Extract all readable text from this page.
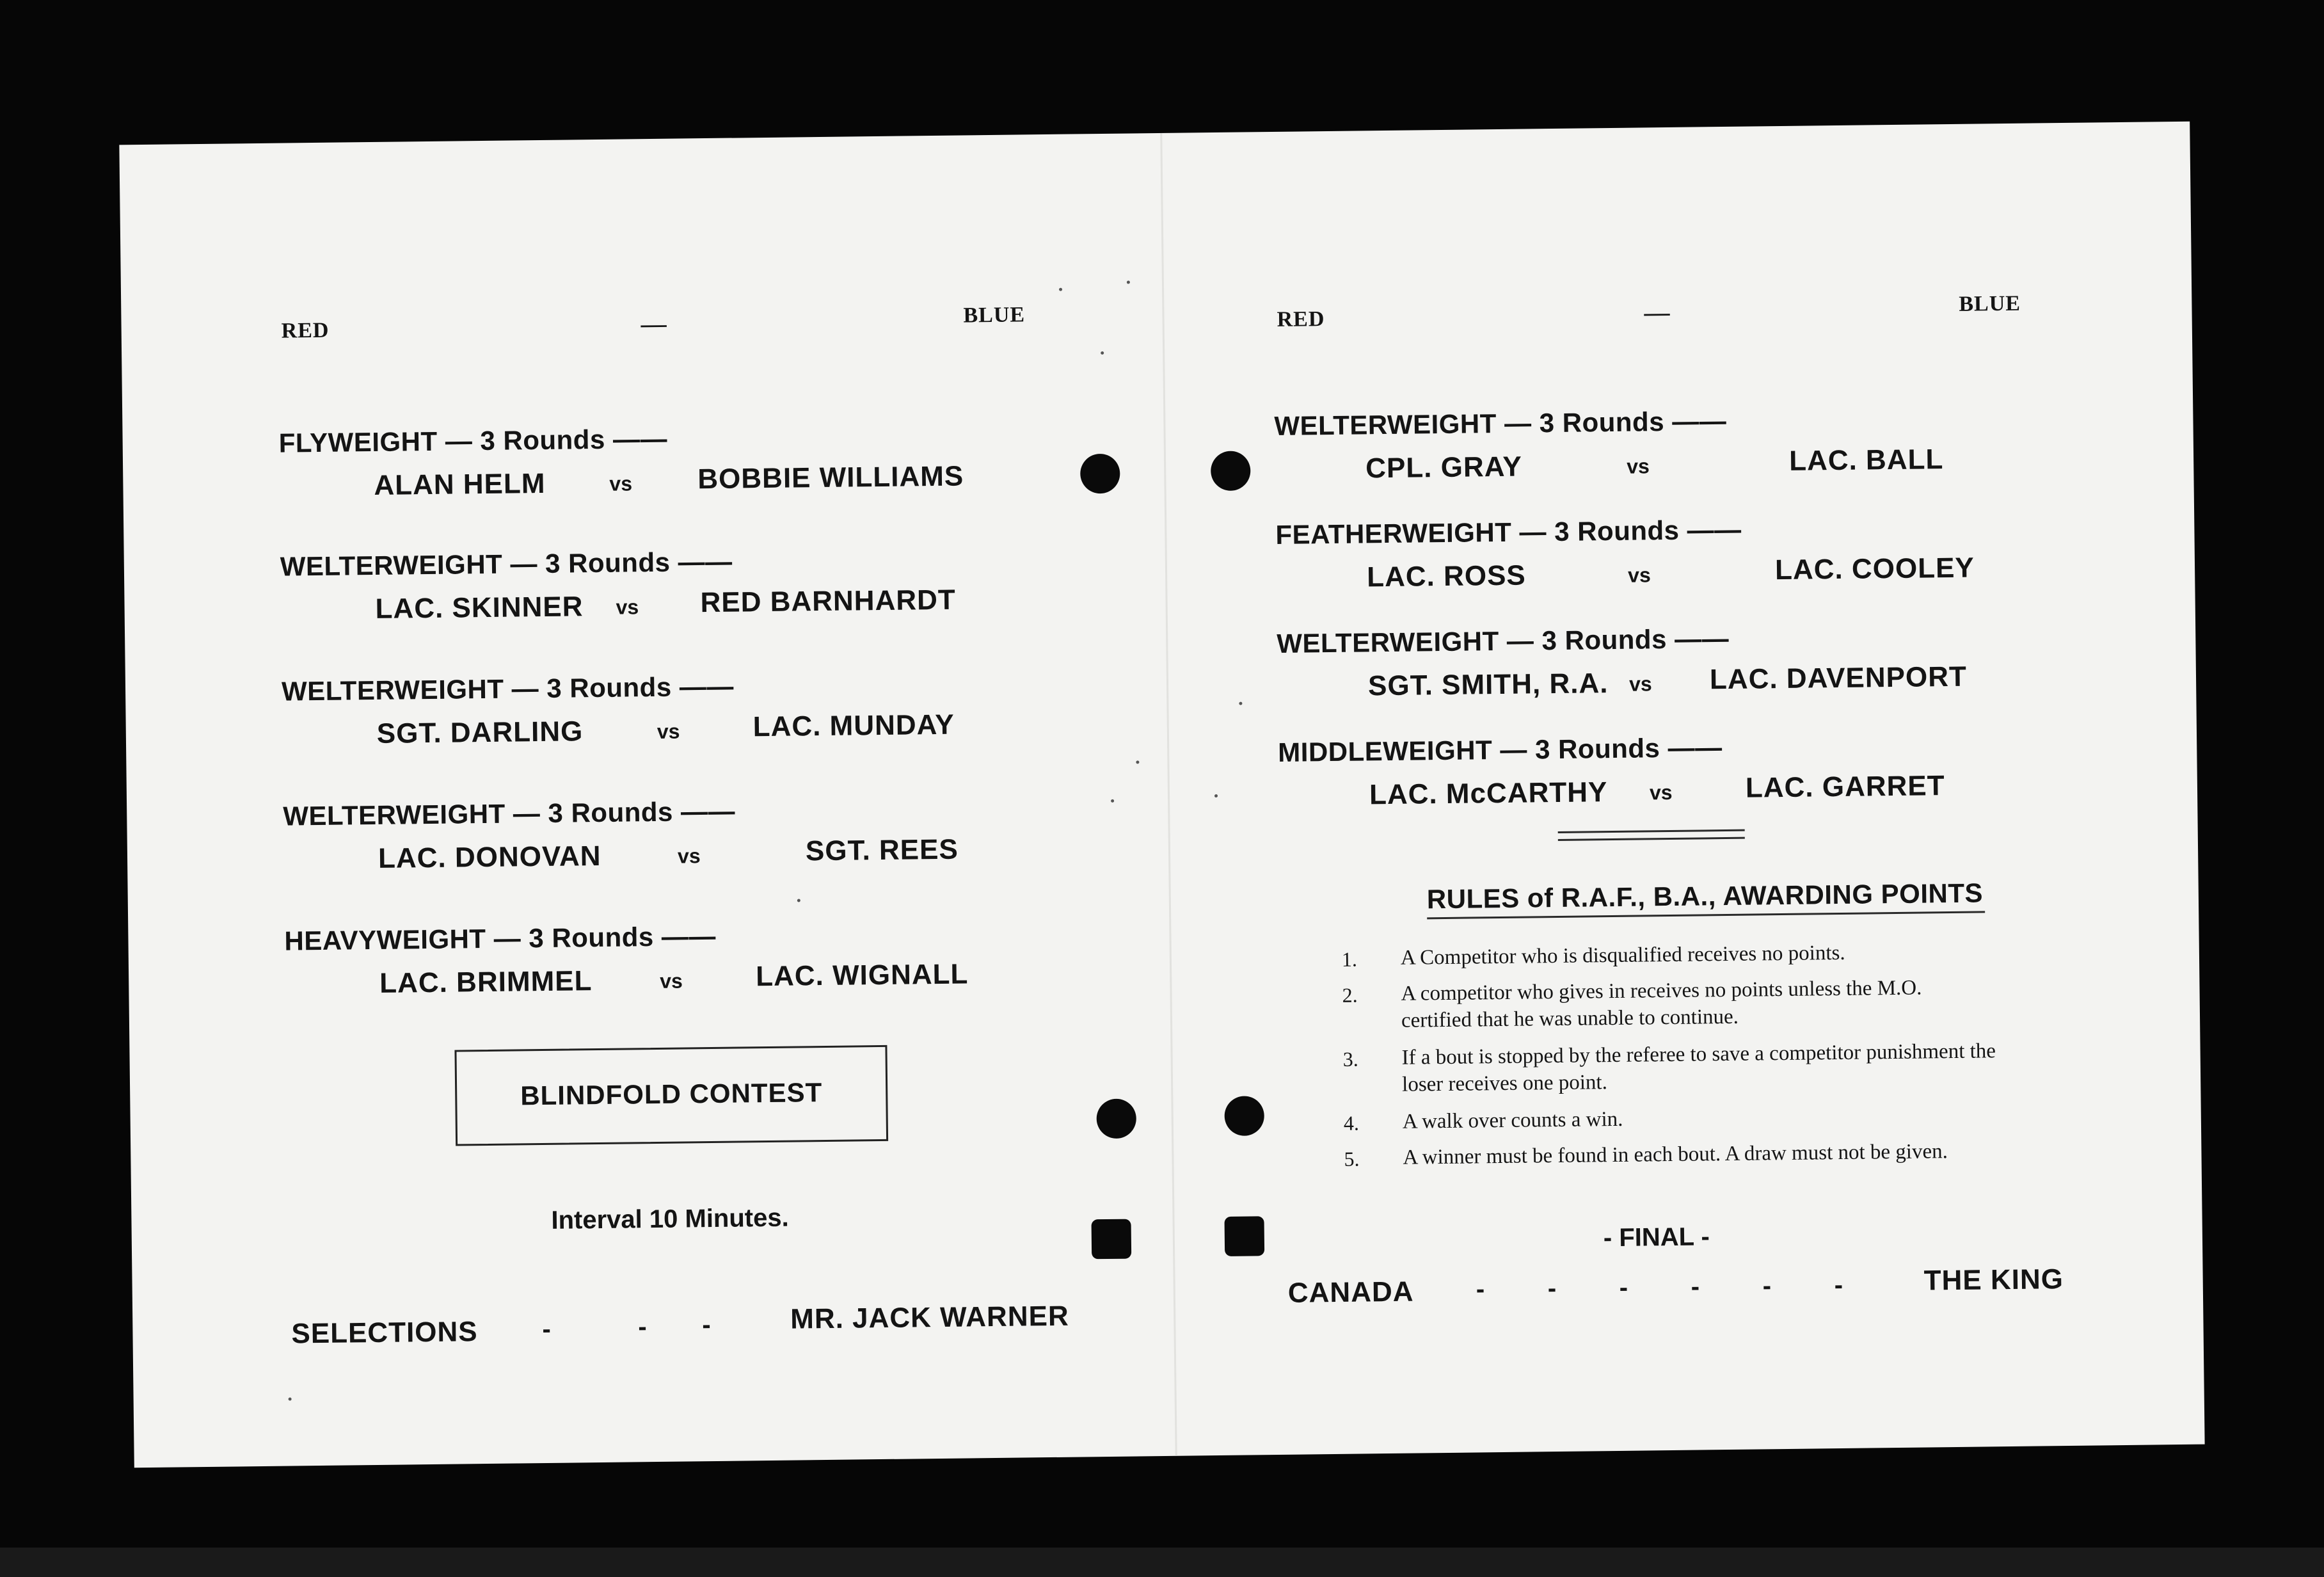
RED	—	BLUE
FLYWEIGHT — 3 Rounds ——
ALAN HELM	vs BOBBIE WILLIAMS
WELTERWEIGHT — 3 Rounds ——
LAC. SKINNER vs RED BARNHARDT
WELTERWEIGHT — 3 Rounds ——
SGT. DARLING	vs	LAC. MUNDAY
WELTERWEIGHT — 3 Rounds ——
LAC. DONOVAN	vs	SGT. REES
HEAVYWEIGHT — 3 Rounds ——
LAC. BRIMMEL	vs	LAC. WIGNALL
BLINDFOLD CONTEST
Interval 10 Minutes.
SELECTIONS	-	- -	MR. JACK WARNER
RED	—	BLUE
WELTERWEIGHT — 3 Rounds ——
CPL. GRAY	vs	LAC. BALL
FEATHERWEIGHT — 3 Rounds ——
LAC. ROSS	vs	LAC. COOLEY
WELTERWEIGHT — 3 Rounds ——
SGT. SMITH, R.A. vs LAC. DAVENPORT
MIDDLEWEIGHT — 3 Rounds ——
LAC. McCARTHY vs	LAC. GARRET
RULES of R.A.F., B.A., AWARDING POINTS
1. A Competitor who is disqualified receives no points.
2. A competitor who gives in receives no points unless the M.O. certified that he was unable to continue.
3. If a bout is stopped by the referee to save a competitor punishment the loser receives one point.
4. A walk over counts a win.
5. A winner must be found in each bout. A draw must not be given.
- FINAL -
CANADA - - - - - -	THE KING
